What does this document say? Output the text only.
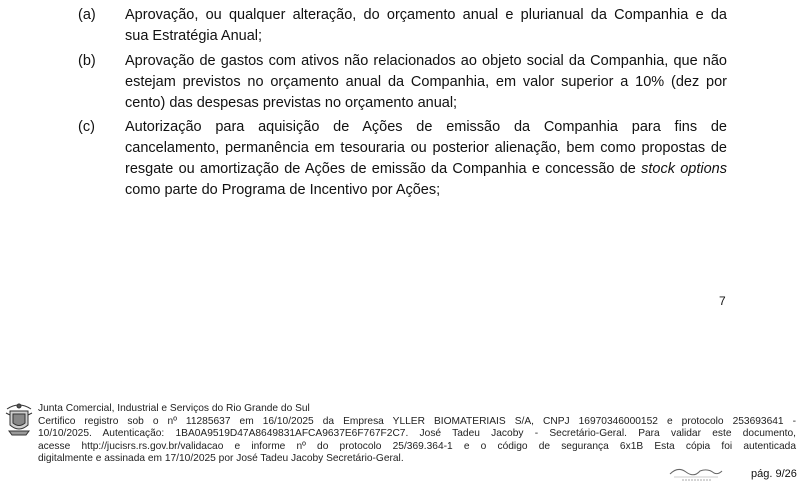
(a) Aprovação, ou qualquer alteração, do orçamento anual e plurianual da Companhia e da
sua Estratégia Anual;
(b) Aprovação de gastos com ativos não relacionados ao objeto social da Companhia, que não
estejam previstos no orçamento anual da Companhia, em valor superior a 10% (dez por
cento) das despesas previstas no orçamento anual;
(c) Autorização para aquisição de Ações de emissão da Companhia para fins de
cancelamento, permanência em tesouraria ou posterior alienação, bem como propostas de
resgate ou amortização de Ações de emissão da Companhia e concessão de stock options
como parte do Programa de Incentivo por Ações;
7
Junta Comercial, Industrial e Serviços do Rio Grande do Sul
Certifico registro sob o nº 11285637 em 16/10/2025 da Empresa YLLER BIOMATERIAIS S/A, CNPJ 16970346000152 e protocolo 253693641 -
10/10/2025. Autenticação: 1BA0A9519D47A8649831AFCA9637E6F767F2C7. José Tadeu Jacoby - Secretário-Geral. Para validar este documento,
acesse http://jucisrs.rs.gov.br/validacao e informe nº do protocolo 25/369.364-1 e o código de segurança 6x1B Esta cópia foi autenticada
digitalmente e assinada em 17/10/2025 por José Tadeu Jacoby Secretário-Geral.
pág. 9/26
